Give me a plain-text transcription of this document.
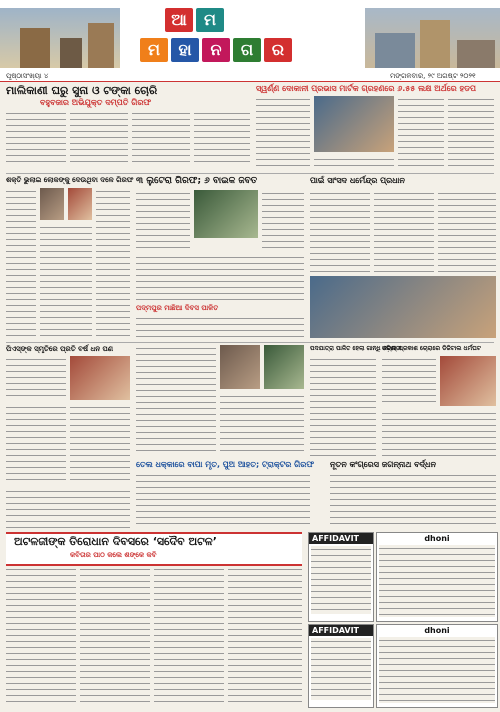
ଆ	ମ
ମ	ହା	ନ	ଗ	ର
ପୃଷ୍ଠାସଂଖ୍ୟା ୪	ମଙ୍ଗଳବାର, ୨୯ ଅଗଷ୍ଟ ୨୦୨୧
ମାଲିକାଣୀ ଘରୁ ସୁନା ଓ ଟଙ୍କା ଚୋରି
ବହୁବଜାର ଅଭିଯୁକ୍ତ ଦମ୍ପତି ଗିରଫ
ସ୍ୱର୍ଣ୍ଣ ଦୋକାନୀ ପ୍ରଭାସ ମାର୍ଟକ ଗ୍ରହଣରେ ୬.୫୫ ଲକ୍ଷ ଅର୍ଥରେ ହଡପ
ଶକ୍ତି ଭୁଲାଇ ଲୋକଙ୍କୁ ଦେଉଥିବା ଦଳେ ଗିରଫ ୩ ଲୁଟେରା ଗିରଫ; ୬ ବାଇକ ଜବତ
ପଦ୍ମପୁର ମାଛିଆ ଦିବସ ପାଳିତ
ପାଇଁ ସାଂସଦ ଧର୍ମେନ୍ଦ୍ର ପ୍ରଧାନ
ପିଏସ୍ଙ୍କ ସ୍ମୃତିରେ ପ୍ରତି ବର୍ଷ ଧନ ପଣ	ପଦଯାତ୍ରା ପାଳିତ ହେଲା ଗାନ୍ଧି ଜୟନ୍ତୀ
ଓଡ଼ିଶା ପ୍ରକାଶ ଚୋରାରେ ଡିଜିଟାଲ ଧର୍ମଘଟ
ତେଲ ଧକ୍କାରେ ବାପା ମୃତ, ପୁଅ ଆହତ; ଟ୍ରାକ୍ଟର ଗିରଫ	ନୂତନ କଂଗ୍ରେସ ଜଗନ୍ନାଥ ବର୍ଦ୍ଧନ
ଅଟଳଜୀଙ୍କ ତିରୋଧାନ ଦିବସରେ ‘ସଦୈବ ଅଟଳ’
କବିତାର ପାଠ କଲେ ଶଙ୍କେ କବି
AFFIDAVIT
AFFIDAVIT
dhoni
dhoni
